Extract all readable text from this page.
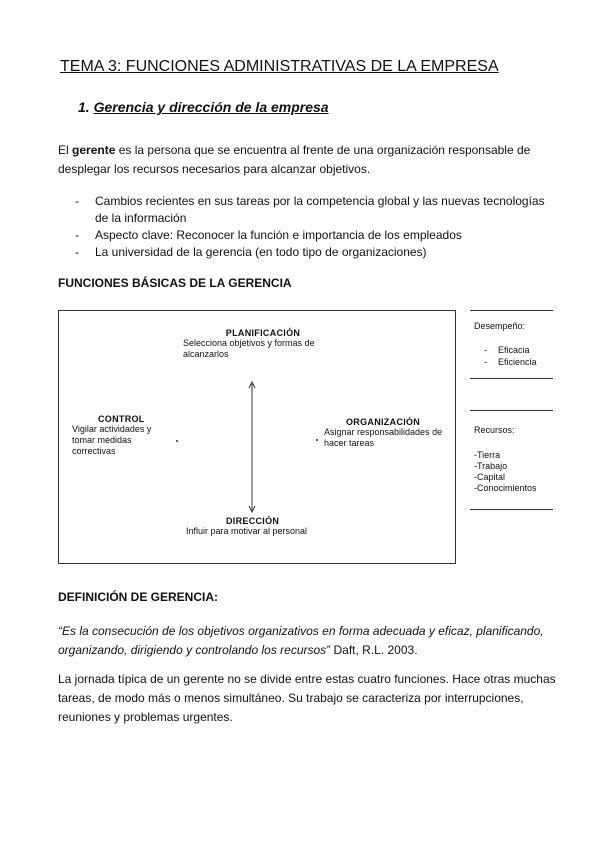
TEMA 3: FUNCIONES ADMINISTRATIVAS DE LA EMPRESA
1. Gerencia y dirección de la empresa
El gerente es la persona que se encuentra al frente de una organización responsable de desplegar los recursos necesarios para alcanzar objetivos.
- Cambios recientes en sus tareas por la competencia global y las nuevas tecnologías de la información
- Aspecto clave: Reconocer la función e importancia de los empleados
- La universidad de la gerencia (en todo tipo de organizaciones)
FUNCIONES BÁSICAS DE LA GERENCIA
PLANIFICACIÓN
Selecciona objetivos y formas de alcanzarlos
ORGANIZACIÓN
Asignar responsabilidades de hacer tareas
CONTROL
Vigilar actividades y tomar medidas correctivas
DIRECCIÓN
Influir para motivar al personal
Desempeño:
- Eficacia
- Eficiencia
Recursos:
-Tierra
-Trabajo
-Capital
-Conocimientos
DEFINICIÓN DE GERENCIA:
“Es la consecución de los objetivos organizativos en forma adecuada y eficaz, planificando, organizando, dirigiendo y controlando los recursos” Daft, R.L. 2003.
La jornada típica de un gerente no se divide entre estas cuatro funciones. Hace otras muchas tareas, de modo más o menos simultáneo. Su trabajo se caracteriza por interrupciones, reuniones y problemas urgentes.
